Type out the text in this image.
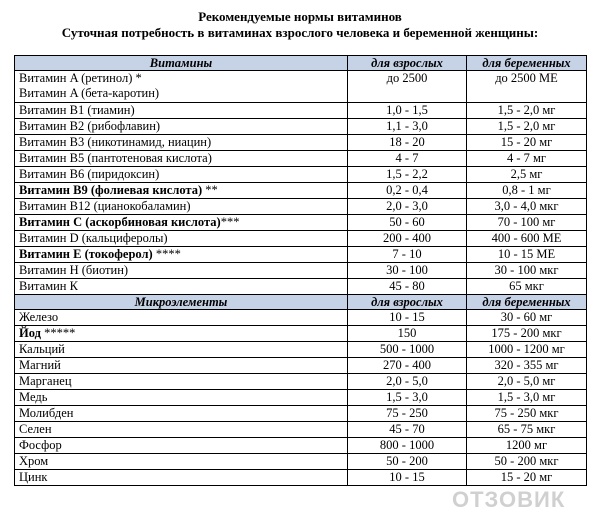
Рекомендуемые нормы витаминов
Суточная потребность в витаминах взрослого человека и беременной женщины:
Витамины	для взрослых	для беременных
Витамин A (ретинол) *
Витамин A (бета-каротин)	до 2500	до 2500 МЕ
Витамин В1 (тиамин)	1,0 - 1,5	1,5 - 2,0 мг
Витамин В2 (рибофлавин)	1,1 - 3,0	1,5 - 2,0 мг
Витамин В3 (никотинамид, ниацин)	18 - 20	15 - 20 мг
Витамин В5 (пантотеновая кислота)	4 - 7	4 - 7 мг
Витамин В6 (пиридоксин)	1,5 - 2,2	2,5 мг
Витамин В9 (фолиевая кислота) **	0,2 - 0,4	0,8 - 1 мг
Витамин В12 (цианокобаламин)	2,0 - 3,0	3,0 - 4,0 мкг
Витамин С (аскорбиновая кислота)***	50 - 60	70 - 100 мг
Витамин D (кальциферолы)	200 - 400	400 - 600 МЕ
Витамин E (токоферол) ****	7 - 10	10 - 15 МЕ
Витамин H (биотин)	30 - 100	30 - 100 мкг
Витамин К	45 - 80	65 мкг
Микроэлементы	для взрослых	для беременных
Железо	10 - 15	30 - 60 мг
Йод *****	150	175 - 200 мкг
Кальций	500 - 1000	1000 - 1200 мг
Магний	270 - 400	320 - 355 мг
Марганец	2,0 - 5,0	2,0 - 5,0 мг
Медь	1,5 - 3,0	1,5 - 3,0 мг
Молибден	75 - 250	75 - 250 мкг
Селен	45 - 70	65 - 75 мкг
Фосфор	800 - 1000	1200 мг
Хром	50 - 200	50 - 200 мкг
Цинк	10 - 15	15 - 20 мг
ОТЗОВИК
